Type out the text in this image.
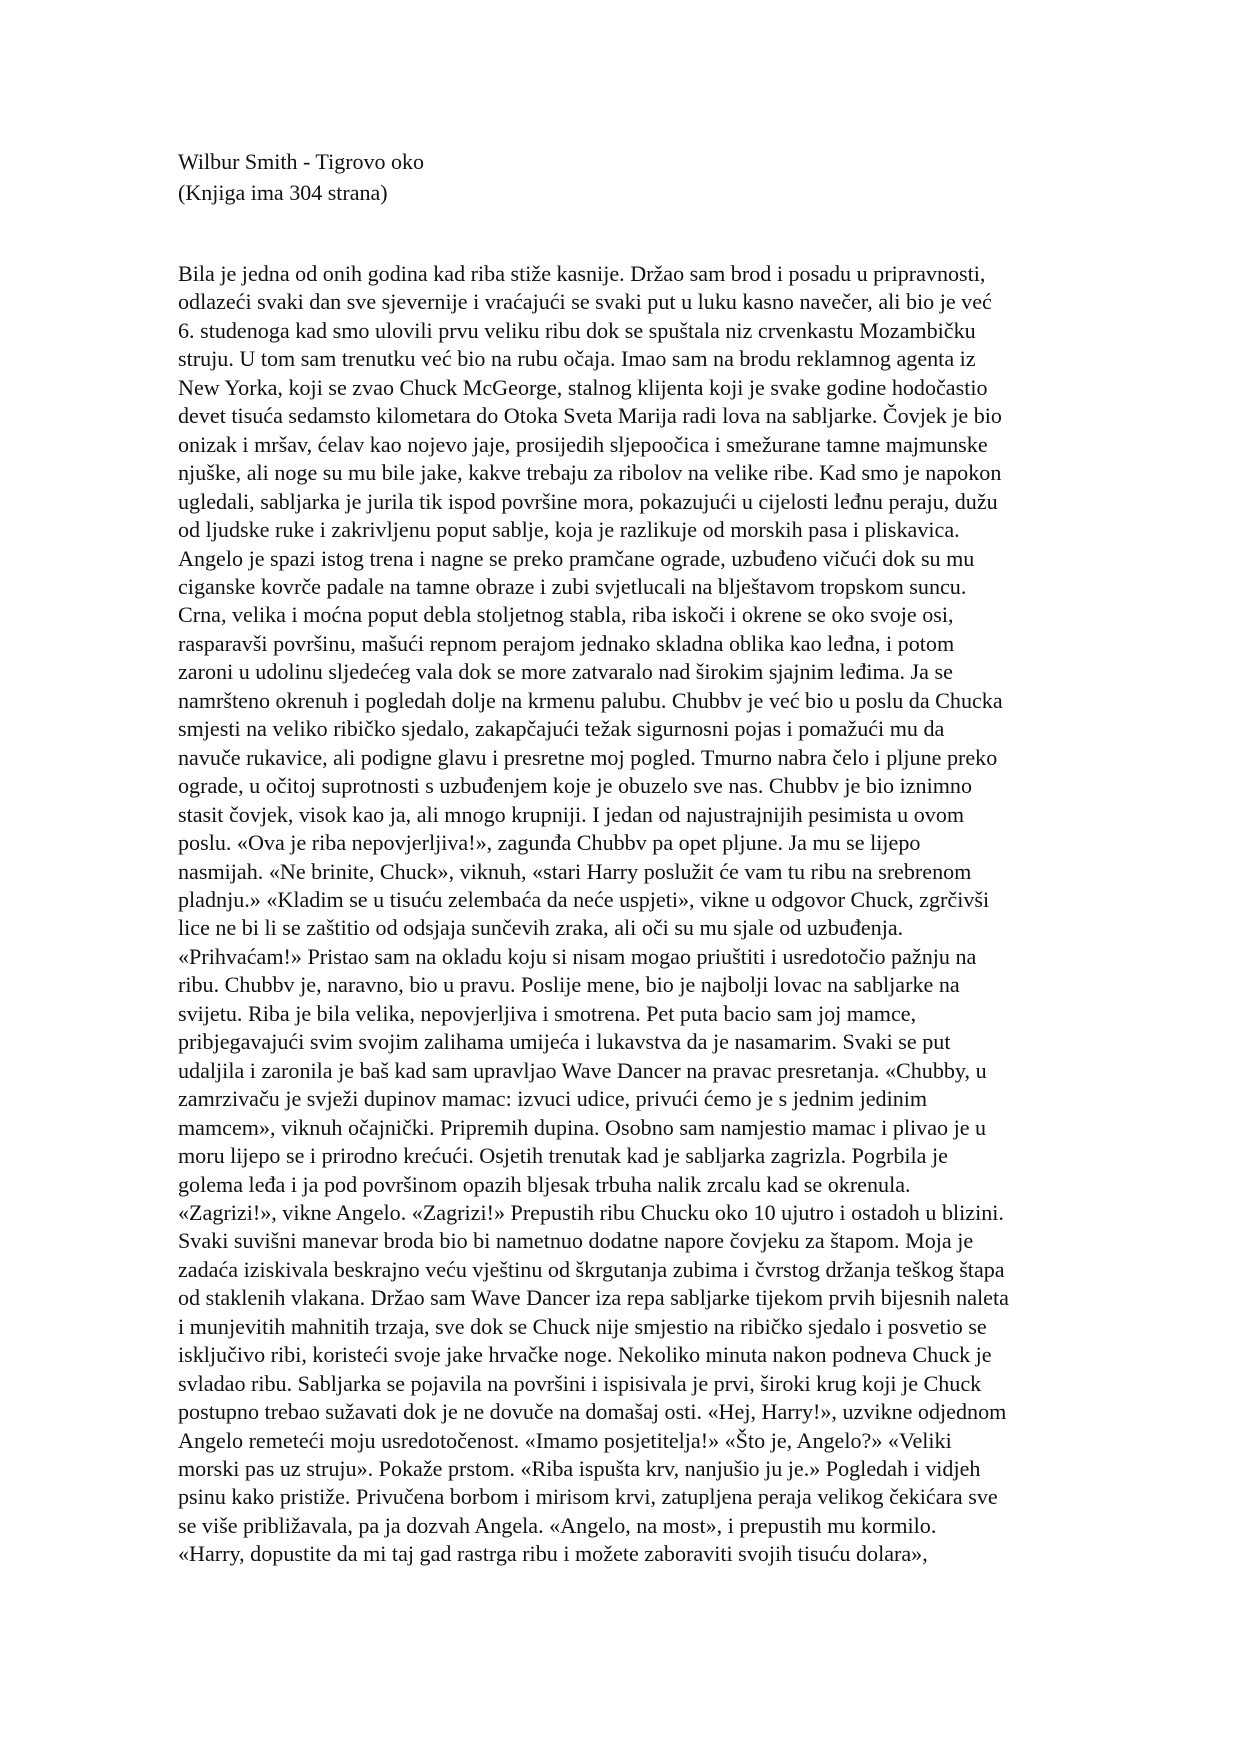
Wilbur Smith - Tigrovo oko
(Knjiga ima 304 strana)
Bila je jedna od onih godina kad riba stiže kasnije. Držao sam brod i posadu u pripravnosti,
odlazeći svaki dan sve sjevernije i vraćajući se svaki put u luku kasno navečer, ali bio je već
6. studenoga kad smo ulovili prvu veliku ribu dok se spuštala niz crvenkastu Mozambičku
struju. U tom sam trenutku već bio na rubu očaja. Imao sam na brodu reklamnog agenta iz
New Yorka, koji se zvao Chuck McGeorge, stalnog klijenta koji je svake godine hodočastio
devet tisuća sedamsto kilometara do Otoka Sveta Marija radi lova na sabljarke. Čovjek je bio
onizak i mršav, ćelav kao nojevo jaje, prosijedih sljepoočica i smežurane tamne majmunske
njuške, ali noge su mu bile jake, kakve trebaju za ribolov na velike ribe. Kad smo je napokon
ugledali, sabljarka je jurila tik ispod površine mora, pokazujući u cijelosti leđnu peraju, dužu
od ljudske ruke i zakrivljenu poput sablje, koja je razlikuje od morskih pasa i pliskavica.
Angelo je spazi istog trena i nagne se preko pramčane ograde, uzbuđeno vičući dok su mu
ciganske kovrče padale na tamne obraze i zubi svjetlucali na blještavom tropskom suncu.
Crna, velika i moćna poput debla stoljetnog stabla, riba iskoči i okrene se oko svoje osi,
rasparavši površinu, mašući repnom perajom jednako skladna oblika kao leđna, i potom
zaroni u udolinu sljedećeg vala dok se more zatvaralo nad širokim sjajnim leđima. Ja se
namršteno okrenuh i pogledah dolje na krmenu palubu. Chubbv je već bio u poslu da Chucka
smjesti na veliko ribičko sjedalo, zakapčajući težak sigurnosni pojas i pomažući mu da
navuče rukavice, ali podigne glavu i presretne moj pogled. Tmurno nabra čelo i pljune preko
ograde, u očitoj suprotnosti s uzbuđenjem koje je obuzelo sve nas. Chubbv je bio iznimno
stasit čovjek, visok kao ja, ali mnogo krupniji. I jedan od najustrajnijih pesimista u ovom
poslu. «Ova je riba nepovjerljiva!», zagunđa Chubbv pa opet pljune. Ja mu se lijepo
nasmijah. «Ne brinite, Chuck», viknuh, «stari Harry poslužit će vam tu ribu na srebrenom
pladnju.» «Kladim se u tisuću zelembaća da neće uspjeti», vikne u odgovor Chuck, zgrčivši
lice ne bi li se zaštitio od odsjaja sunčevih zraka, ali oči su mu sjale od uzbuđenja.
«Prihvaćam!» Pristao sam na okladu koju si nisam mogao priuštiti i usredotočio pažnju na
ribu. Chubbv je, naravno, bio u pravu. Poslije mene, bio je najbolji lovac na sabljarke na
svijetu. Riba je bila velika, nepovjerljiva i smotrena. Pet puta bacio sam joj mamce,
pribjegavajući svim svojim zalihama umijeća i lukavstva da je nasamarim. Svaki se put
udaljila i zaronila je baš kad sam upravljao Wave Dancer na pravac presretanja. «Chubby, u
zamrzivaču je svježi dupinov mamac: izvuci udice, privući ćemo je s jednim jedinim
mamcem», viknuh očajnički. Pripremih dupina. Osobno sam namjestio mamac i plivao je u
moru lijepo se i prirodno krećući. Osjetih trenutak kad je sabljarka zagrizla. Pogrbila je
golema leđa i ja pod površinom opazih bljesak trbuha nalik zrcalu kad se okrenula.
«Zagrizi!», vikne Angelo. «Zagrizi!» Prepustih ribu Chucku oko 10 ujutro i ostadoh u blizini.
Svaki suvišni manevar broda bio bi nametnuo dodatne napore čovjeku za štapom. Moja je
zadaća iziskivala beskrajno veću vještinu od škrgutanja zubima i čvrstog držanja teškog štapa
od staklenih vlakana. Držao sam Wave Dancer iza repa sabljarke tijekom prvih bijesnih naleta
i munjevitih mahnitih trzaja, sve dok se Chuck nije smjestio na ribičko sjedalo i posvetio se
isključivo ribi, koristeći svoje jake hrvačke noge. Nekoliko minuta nakon podneva Chuck je
svladao ribu. Sabljarka se pojavila na površini i ispisivala je prvi, široki krug koji je Chuck
postupno trebao sužavati dok je ne dovuče na domašaj osti. «Hej, Harry!», uzvikne odjednom
Angelo remeteći moju usredotočenost. «Imamo posjetitelja!» «Što je, Angelo?» «Veliki
morski pas uz struju». Pokaže prstom. «Riba ispušta krv, nanjušio ju je.» Pogledah i vidjeh
psinu kako pristiže. Privučena borbom i mirisom krvi, zatupljena peraja velikog čekićara sve
se više približavala, pa ja dozvah Angela. «Angelo, na most», i prepustih mu kormilo.
«Harry, dopustite da mi taj gad rastrga ribu i možete zaboraviti svojih tisuću dolara»,
